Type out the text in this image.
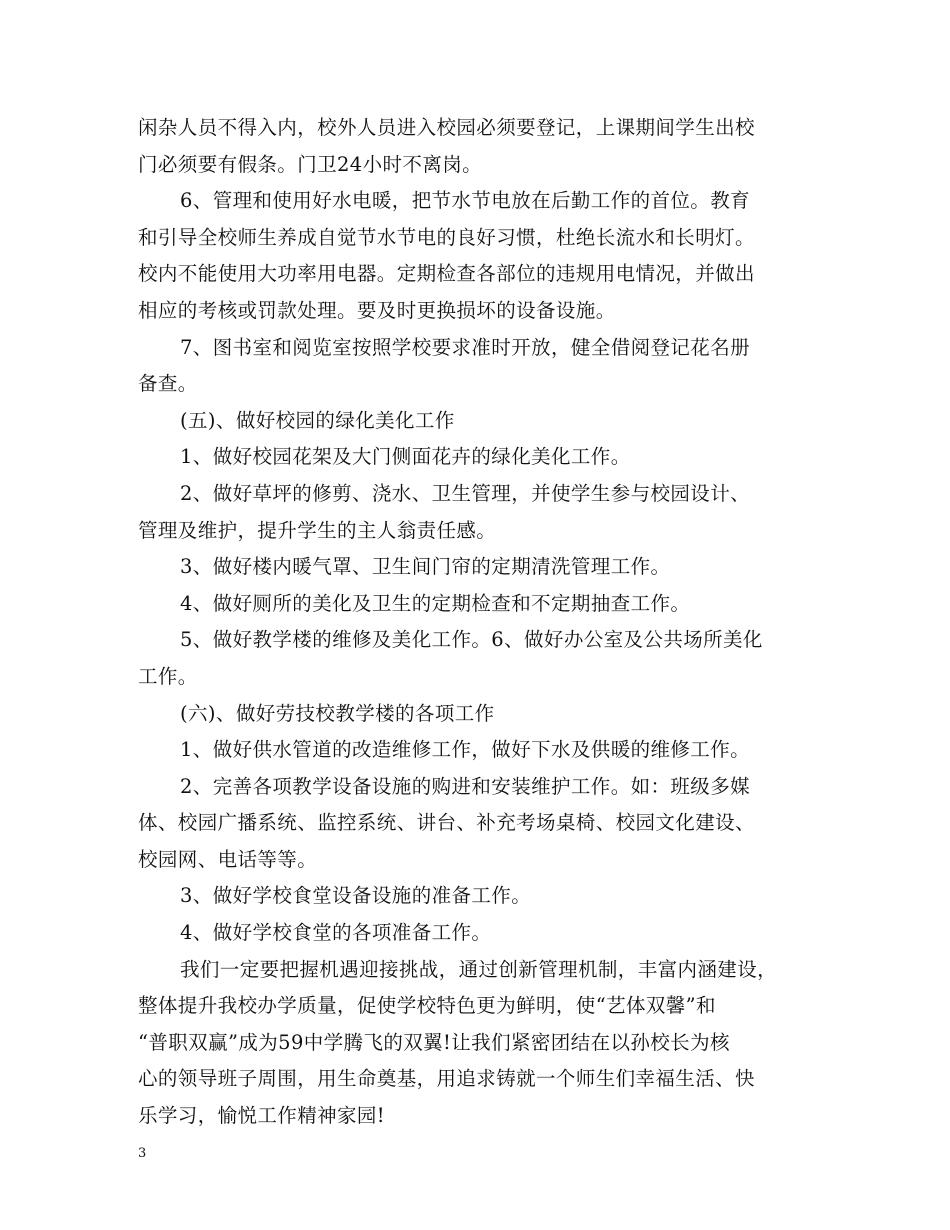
闲杂人员不得入内，校外人员进入校园必须要登记，上课期间学生出校
门必须要有假条。门卫24小时不离岗。
6、管理和使用好水电暖，把节水节电放在后勤工作的首位。教育
和引导全校师生养成自觉节水节电的良好习惯，杜绝长流水和长明灯。
校内不能使用大功率用电器。定期检查各部位的违规用电情况，并做出
相应的考核或罚款处理。要及时更换损坏的设备设施。
7、图书室和阅览室按照学校要求准时开放，健全借阅登记花名册
备查。
(五)、做好校园的绿化美化工作
1、做好校园花架及大门侧面花卉的绿化美化工作。
2、做好草坪的修剪、浇水、卫生管理，并使学生参与校园设计、
管理及维护，提升学生的主人翁责任感。
3、做好楼内暖气罩、卫生间门帘的定期清洗管理工作。
4、做好厕所的美化及卫生的定期检查和不定期抽查工作。
5、做好教学楼的维修及美化工作。6、做好办公室及公共场所美化
工作。
(六)、做好劳技校教学楼的各项工作
1、做好供水管道的改造维修工作，做好下水及供暖的维修工作。
2、完善各项教学设备设施的购进和安装维护工作。如：班级多媒
体、校园广播系统、监控系统、讲台、补充考场桌椅、校园文化建设、
校园网、电话等等。
3、做好学校食堂设备设施的准备工作。
4、做好学校食堂的各项准备工作。
我们一定要把握机遇迎接挑战，通过创新管理机制，丰富内涵建设，
整体提升我校办学质量，促使学校特色更为鲜明，使“艺体双馨”和
“普职双赢”成为59中学腾飞的双翼!让我们紧密团结在以孙校长为核
心的领导班子周围，用生命奠基，用追求铸就一个师生们幸福生活、快
乐学习，愉悦工作精神家园!
3
